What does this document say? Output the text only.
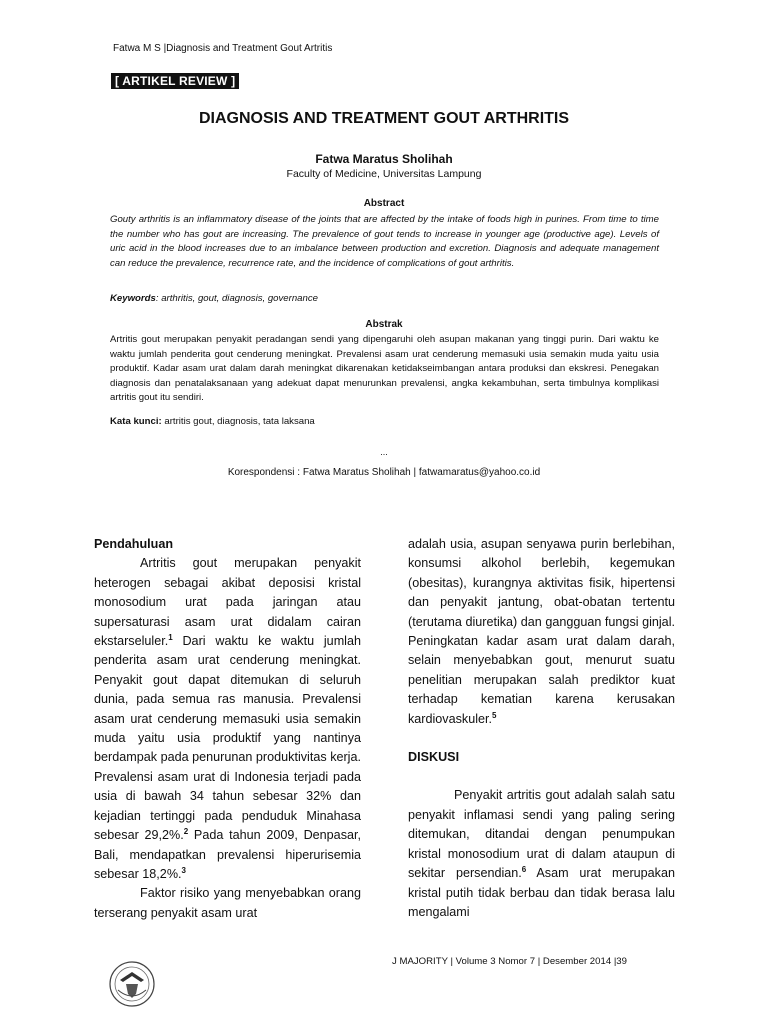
Fatwa M S |Diagnosis and Treatment Gout Artritis
[ ARTIKEL REVIEW ]
DIAGNOSIS AND TREATMENT GOUT ARTHRITIS
Fatwa Maratus Sholihah
Faculty of Medicine, Universitas Lampung
Abstract
Gouty arthritis is an inflammatory disease of the joints that are affected by the intake of foods high in purines. From time to time the number who has gout are increasing. The prevalence of gout tends to increase in younger age (productive age). Levels of uric acid in the blood increases due to an imbalance between production and excretion. Diagnosis and adequate management can reduce the prevalence, recurrence rate, and the incidence of complications of gout arthritis.
Keywords: arthritis, gout, diagnosis, governance
Abstrak
Artritis gout merupakan penyakit peradangan sendi yang dipengaruhi oleh asupan makanan yang tinggi purin. Dari waktu ke waktu jumlah penderita gout cenderung meningkat. Prevalensi asam urat cenderung memasuki usia semakin muda yaitu usia produktif. Kadar asam urat dalam darah meningkat dikarenakan ketidakseimbangan antara produksi dan ekskresi. Penegakan diagnosis dan penatalaksanaan yang adekuat dapat menurunkan prevalensi, angka kekambuhan, serta timbulnya komplikasi artritis gout itu sendiri.
Kata kunci: artritis gout, diagnosis, tata laksana
...
Korespondensi : Fatwa Maratus Sholihah | fatwamaratus@yahoo.co.id

Pendahuluan

Artritis gout merupakan penyakit heterogen sebagai akibat deposisi kristal monosodium urat pada jaringan atau supersaturasi asam urat didalam cairan ekstarseluler.$^1$ Dari waktu ke waktu jumlah penderita asam urat cenderung meningkat. Penyakit gout dapat ditemukan di seluruh dunia, pada semua ras manusia. Prevalensi asam urat cenderung memasuki usia semakin muda yaitu usia produktif yang nantinya berdampak pada penurunan produktivitas kerja. Prevalensi asam urat di Indonesia terjadi pada usia di bawah 34 tahun sebesar 32% dan kejadian tertinggi pada penduduk Minahasa sebesar 29,2%.$^2$ Pada tahun 2009, Denpasar, Bali, mendapatkan prevalensi hiperurisemia sebesar 18,2%.$^3$

Faktor risiko yang menyebabkan orang terserang penyakit asam urat

adalah usia, asupan senyawa purin berlebihan, konsumsi alkohol berlebih, kegemukan (obesitas), kurangnya aktivitas fisik, hipertensi dan penyakit jantung, obat-obatan tertentu (terutama diuretika) dan gangguan fungsi ginjal. Peningkatan kadar asam urat dalam darah, selain menyebabkan gout, menurut suatu penelitian merupakan salah prediktor kuat terhadap kematian karena kerusakan kardiovaskuler.$^5$

DISKUSI

Penyakit artritis gout adalah salah satu penyakit inflamasi sendi yang paling sering ditemukan, ditandai dengan penumpukan kristal monosodium urat di dalam ataupun di sekitar persendian.$^6$ Asam urat merupakan kristal putih tidak berbau dan tidak berasa lalu mengalami

J MAJORITY | Volume 3 Nomor 7 | Desember 2014 |39
